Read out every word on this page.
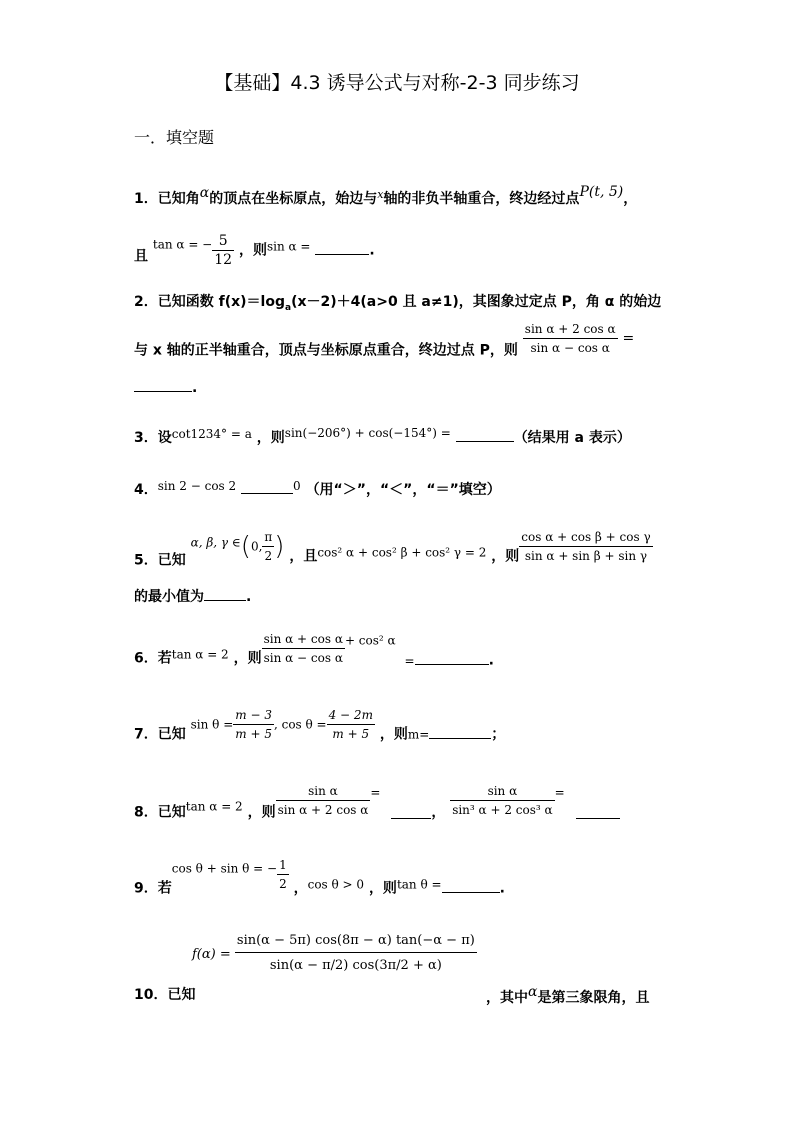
【基础】4.3 诱导公式与对称-2-3 同步练习
一．填空题
1．已知角α的顶点在坐标原点，始边与$^x$轴的非负半轴重合，终边经过点P(t, 5)，
且 tan α = − $\frac{5}{12}$ ，则sin α =	.
2．已知函数 $f(x)=\log_a(x-2)+4(a>0$ 且 a≠1)，其图象过定点 P，角 α 的始边
与 x 轴的正半轴重合，顶点与坐标原点重合，终边过点 P，则 $\frac{\text{sin α + 2 cos α}}{\text{sin α − cos α}}$ =
.
3．设cot1234° = a ，则sin(−206°) + cos(−154°) =	（结果用 a 表示）
4．sin 2 − cos 2	0 （用“＞”，“＜”，“＝”填空）
5．已知 α, β, γ ∈(0, $\frac{\pi}{2}$ ) ，且cos² α + cos² β + cos² γ = 2 ，则 $\frac{\text{cos α + cos β + cos γ}}{\text{sin α + sin β + sin γ}}$
的最小值为	.
6．若tan α = 2 ，则 $\frac{\text{sin α + cos α}}{\text{sin α − cos α}} + \cos^2$ α =	.
7．已知 $\sin \theta = \frac{m - 3}{m + 5}$ , $\cos \theta = \frac{4 - 2m}{m + 5}$ ，则m=	；
8．已知tan α = 2 ，则 $\frac{\text{sin α}}{\text{sin α + 2 cos α}}$ = ， $\frac{\text{sin α}}{\text{sin³ α + 2 cos³ α}}$ =
9．若cos θ + sin θ = − $\frac{1}{2}$ ，cos θ > 0 ，则tan θ =	.
$f(\alpha) = \frac{\sin(\alpha - 5\pi) \cos(8\pi - \alpha) \tan(-\alpha - \pi)}{\sin(\alpha - \pi/2) \cos(3\pi/2 + \alpha)}$
10．已知	，其中α是第三象限角，且
